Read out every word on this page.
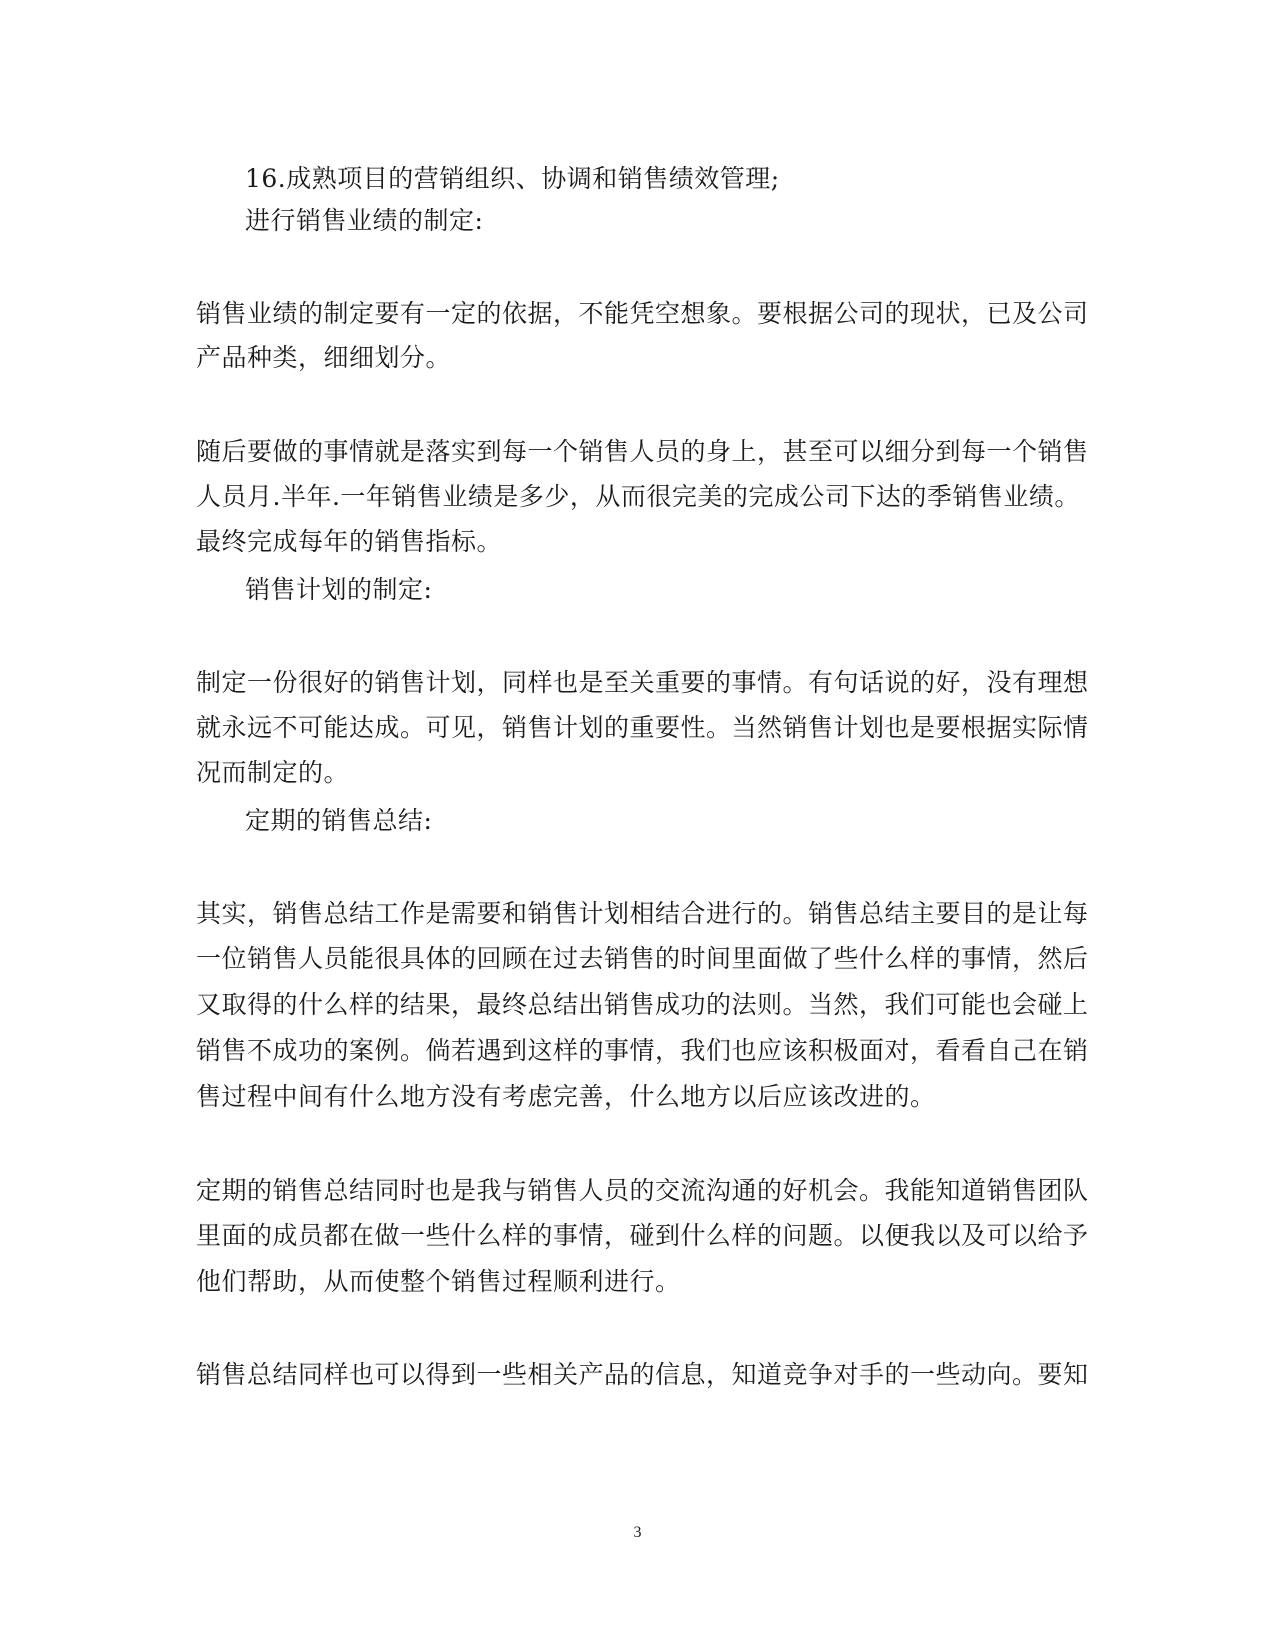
16.成熟项目的营销组织、协调和销售绩效管理;
进行销售业绩的制定:
销售业绩的制定要有一定的依据，不能凭空想象。要根据公司的现状，已及公司
产品种类，细细划分。
随后要做的事情就是落实到每一个销售人员的身上，甚至可以细分到每一个销售
人员月.半年.一年销售业绩是多少，从而很完美的完成公司下达的季销售业绩。
最终完成每年的销售指标。
销售计划的制定:
制定一份很好的销售计划，同样也是至关重要的事情。有句话说的好，没有理想
就永远不可能达成。可见，销售计划的重要性。当然销售计划也是要根据实际情
况而制定的。
定期的销售总结:
其实，销售总结工作是需要和销售计划相结合进行的。销售总结主要目的是让每
一位销售人员能很具体的回顾在过去销售的时间里面做了些什么样的事情，然后
又取得的什么样的结果，最终总结出销售成功的法则。当然，我们可能也会碰上
销售不成功的案例。倘若遇到这样的事情，我们也应该积极面对，看看自己在销
售过程中间有什么地方没有考虑完善，什么地方以后应该改进的。
定期的销售总结同时也是我与销售人员的交流沟通的好机会。我能知道销售团队
里面的成员都在做一些什么样的事情，碰到什么样的问题。以便我以及可以给予
他们帮助，从而使整个销售过程顺利进行。
销售总结同样也可以得到一些相关产品的信息，知道竞争对手的一些动向。要知
3
